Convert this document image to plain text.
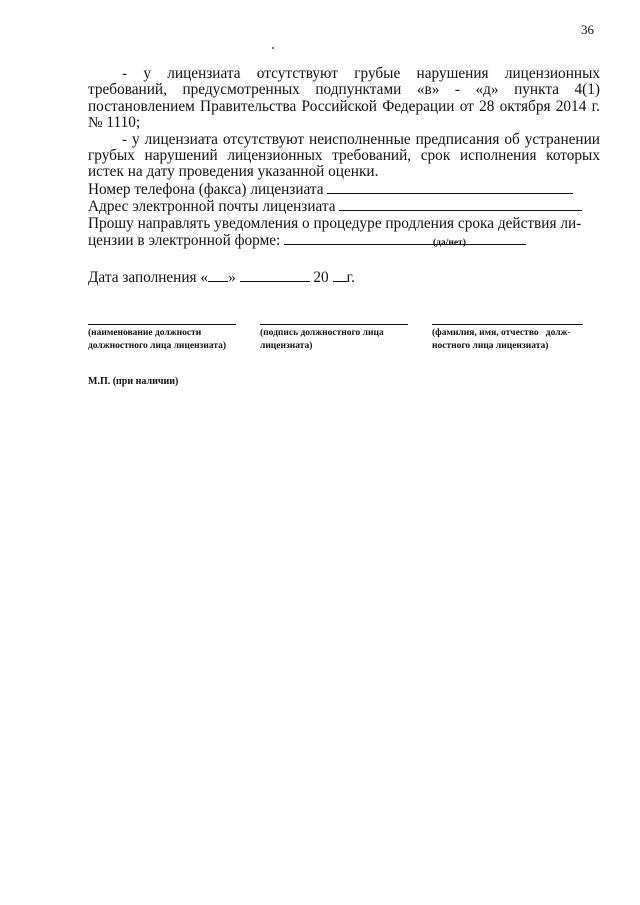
36

- у лицензиата отсутствуют грубые нарушения лицензионных требований, предусмотренных подпунктами «в» - «д» пункта 4(1) постановлением Правительства Российской Федерации от 28 октября 2014 г. № 1110;

- у лицензиата отсутствуют неисполненные предписания об устранении грубых нарушений лицензионных требований, срок исполнения которых истек на дату проведения указанной оценки.

Номер телефона (факса) лицензиата

Адрес электронной почты лицензиата

Прошу направлять уведомления о процедуре продления срока действия ли-

цензии в электронной форме:	(да/нет)
Дата заполнения « »	20 г.
(наименование должности
должностного лица лицензиата)
(подпись должностного лица
лицензиата)
(фамилия, имя, отчество   долж-
ностного лица лицензиата)
М.П. (при наличии)
